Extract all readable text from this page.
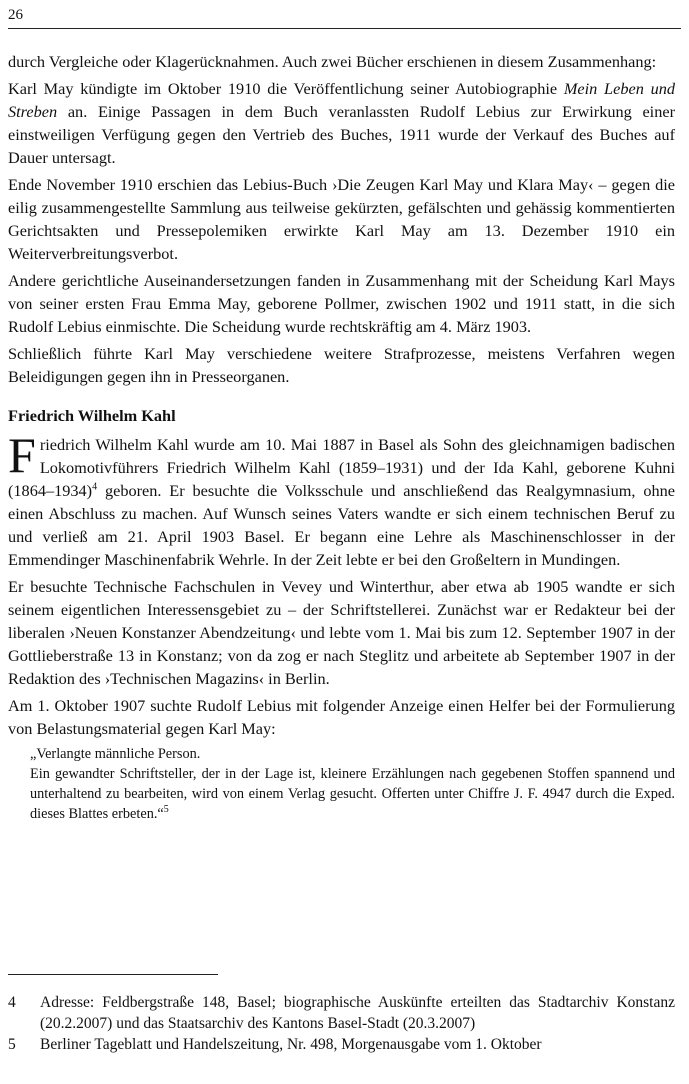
26

durch Vergleiche oder Klagerücknahmen. Auch zwei Bücher erschienen in diesem Zusammenhang:

Karl May kündigte im Oktober 1910 die Veröffentlichung seiner Autobiographie Mein Leben und Streben an. Einige Passagen in dem Buch veranlassten Rudolf Lebius zur Erwirkung einer einstweiligen Verfügung gegen den Vertrieb des Buches, 1911 wurde der Verkauf des Buches auf Dauer untersagt.

Ende November 1910 erschien das Lebius-Buch ›Die Zeugen Karl May und Klara May‹ – gegen die eilig zusammengestellte Sammlung aus teilweise gekürzten, gefälschten und gehässig kommentierten Gerichtsakten und Pressepolemiken erwirkte Karl May am 13. Dezember 1910 ein Weiterverbreitungsverbot.

Andere gerichtliche Auseinandersetzungen fanden in Zusammenhang mit der Scheidung Karl Mays von seiner ersten Frau Emma May, geborene Pollmer, zwischen 1902 und 1911 statt, in die sich Rudolf Lebius einmischte. Die Scheidung wurde rechtskräftig am 4. März 1903.

Schließlich führte Karl May verschiedene weitere Strafprozesse, meistens Verfahren wegen Beleidigungen gegen ihn in Presseorganen.

Friedrich Wilhelm Kahl

Friedrich Wilhelm Kahl wurde am 10. Mai 1887 in Basel als Sohn des gleichnamigen badischen Lokomotivführers Friedrich Wilhelm Kahl (1859–1931) und der Ida Kahl, geborene Kuhni (1864–1934)$^4$ geboren. Er besuchte die Volksschule und anschließend das Realgymnasium, ohne einen Abschluss zu machen. Auf Wunsch seines Vaters wandte er sich einem technischen Beruf zu und verließ am 21. April 1903 Basel. Er begann eine Lehre als Maschinenschlosser in der Emmendinger Maschinenfabrik Wehrle. In der Zeit lebte er bei den Großeltern in Mundingen.

Er besuchte Technische Fachschulen in Vevey und Winterthur, aber etwa ab 1905 wandte er sich seinem eigentlichen Interessensgebiet zu – der Schriftstellerei. Zunächst war er Redakteur bei der liberalen ›Neuen Konstanzer Abendzeitung‹ und lebte vom 1. Mai bis zum 12. September 1907 in der Gottlieberstraße 13 in Konstanz; von da zog er nach Steglitz und arbeitete ab September 1907 in der Redaktion des ›Technischen Magazins‹ in Berlin.

Am 1. Oktober 1907 suchte Rudolf Lebius mit folgender Anzeige einen Helfer bei der Formulierung von Belastungsmaterial gegen Karl May:

„Verlangte männliche Person.

Ein gewandter Schriftsteller, der in der Lage ist, kleinere Erzählungen nach gegebenen Stoffen spannend und unterhaltend zu bearbeiten, wird von einem Verlag gesucht. Offerten unter Chiffre J. F. 4947 durch die Exped. dieses Blattes erbeten.“$^5$

4	Adresse: Feldbergstraße 148, Basel; biographische Auskünfte erteilten das Stadtarchiv Konstanz (20.2.2007) und das Staatsarchiv des Kantons Basel-Stadt (20.3.2007)
5	Berliner Tageblatt und Handelszeitung, Nr. 498, Morgenausgabe vom 1. Oktober
